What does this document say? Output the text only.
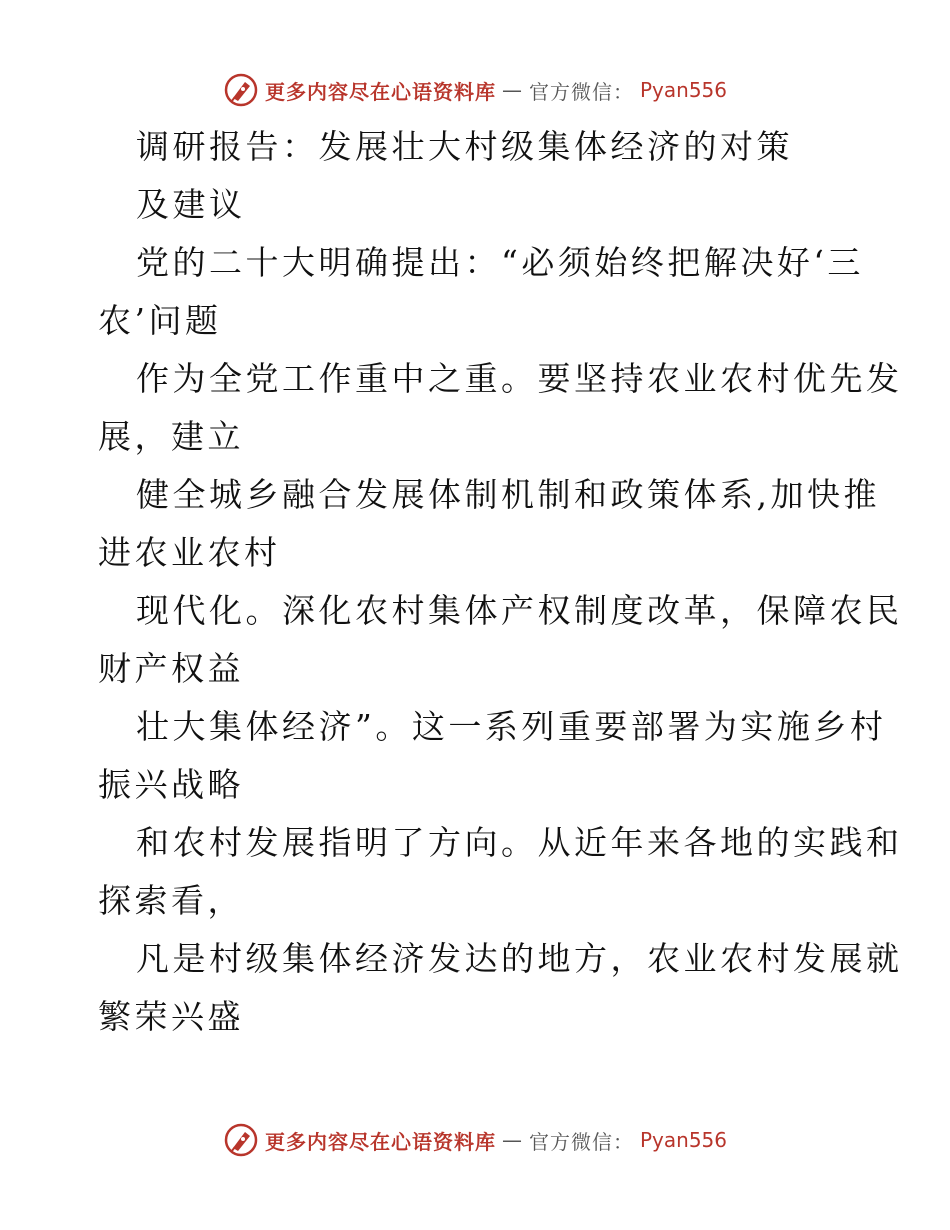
更多内容尽在心语资料库 — 官方微信： Pyan556
调研报告：发展壮大村级集体经济的对策
及建议
党的二十大明确提出：“必须始终把解决好‘三
农’问题
作为全党工作重中之重。要坚持农业农村优先发
展，建立
健全城乡融合发展体制机制和政策体系,加快推
进农业农村
现代化。深化农村集体产权制度改革，保障农民
财产权益
壮大集体经济”。这一系列重要部署为实施乡村
振兴战略
和农村发展指明了方向。从近年来各地的实践和
探索看，
凡是村级集体经济发达的地方，农业农村发展就
繁荣兴盛
更多内容尽在心语资料库 — 官方微信： Pyan556
